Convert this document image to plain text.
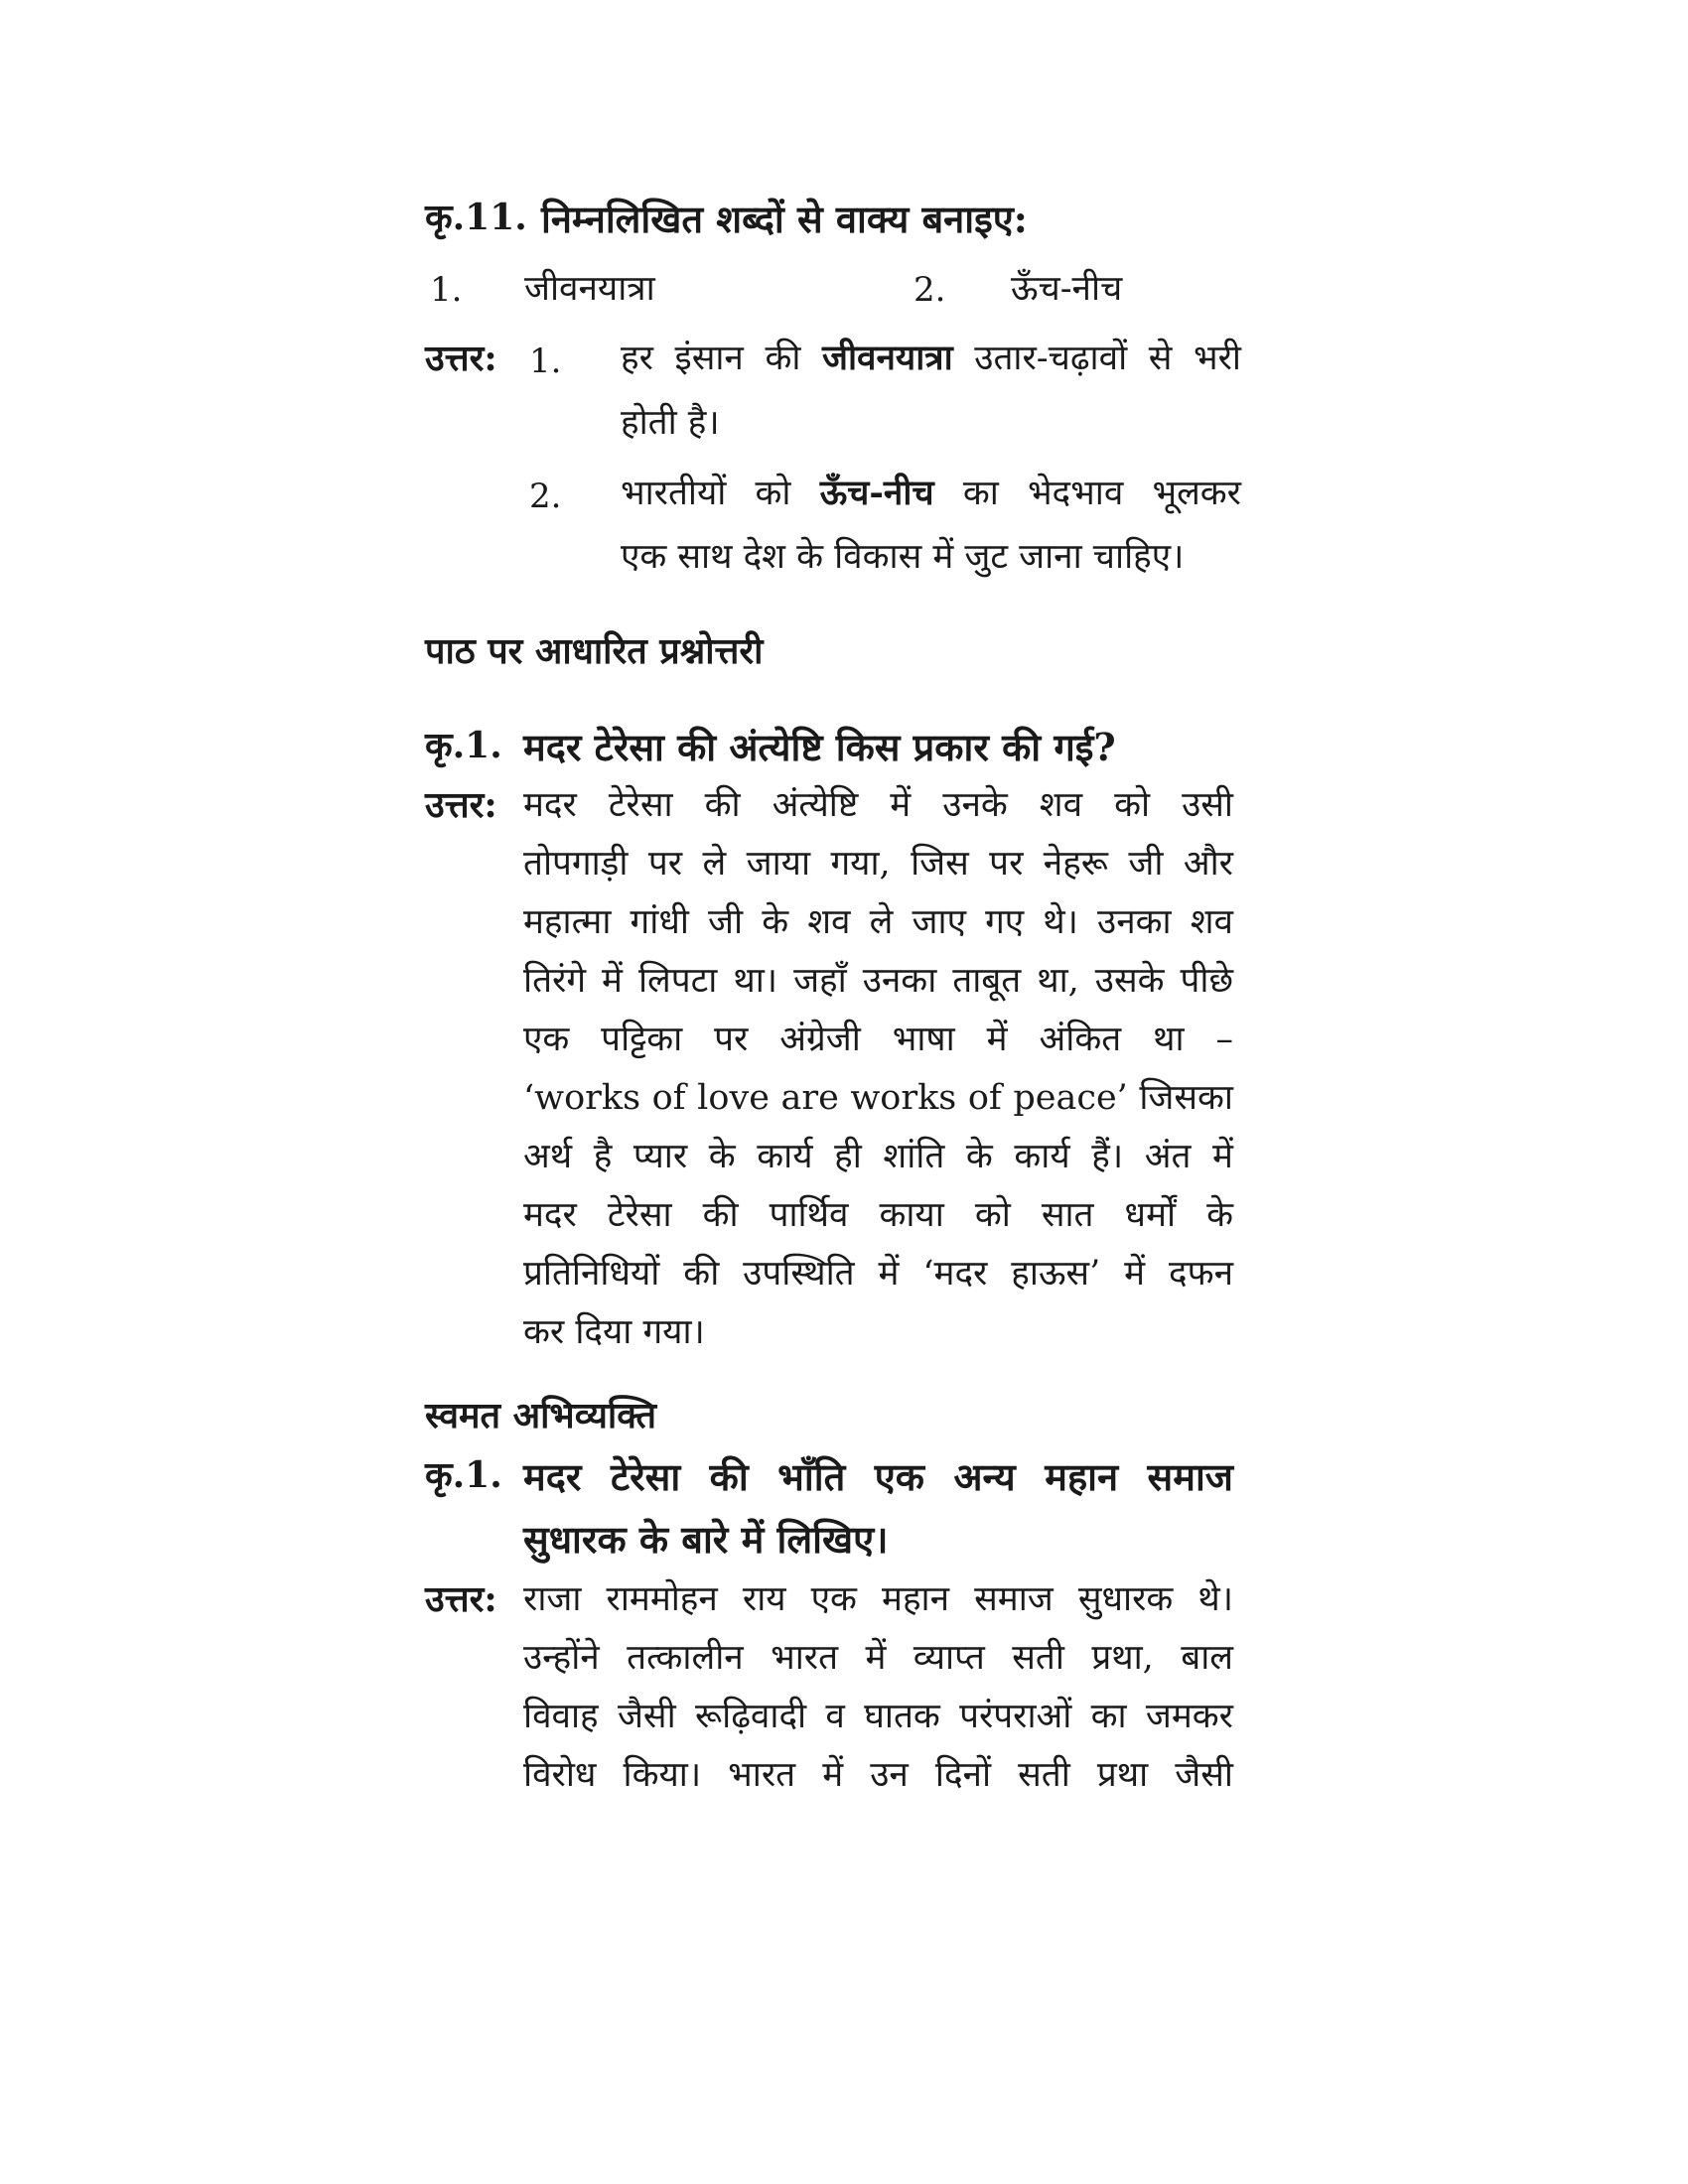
कृ.11. निम्नलिखित शब्दों से वाक्य बनाइए:
1. जीवनयात्रा	2. ऊँच-नीच
उत्तर: 1. हर इंसान की जीवनयात्रा उतार-चढ़ावों से भरी
होती है।
2. भारतीयों को ऊँच-नीच का भेदभाव भूलकर
एक साथ देश के विकास में जुट जाना चाहिए।
पाठ पर आधारित प्रश्नोत्तरी
कृ.1. मदर टेरेसा की अंत्येष्टि किस प्रकार की गई?
उत्तर: मदर टेरेसा की अंत्येष्टि में उनके शव को उसी
तोपगाड़ी पर ले जाया गया, जिस पर नेहरू जी और
महात्मा गांधी जी के शव ले जाए गए थे। उनका शव
तिरंगे में लिपटा था। जहाँ उनका ताबूत था, उसके पीछे
एक पट्टिका पर अंग्रेजी भाषा में अंकित था –
‘works of love are works of peace’ जिसका
अर्थ है प्यार के कार्य ही शांति के कार्य हैं। अंत में
मदर टेरेसा की पार्थिव काया को सात धर्मों के
प्रतिनिधियों की उपस्थिति में ‘मदर हाऊस’ में दफन
कर दिया गया।
स्वमत अभिव्यक्ति
कृ.1. मदर टेरेसा की भाँति एक अन्य महान समाज
सुधारक के बारे में लिखिए।
उत्तर: राजा राममोहन राय एक महान समाज सुधारक थे।
उन्होंने तत्कालीन भारत में व्याप्त सती प्रथा, बाल
विवाह जैसी रूढ़िवादी व घातक परंपराओं का जमकर
विरोध किया। भारत में उन दिनों सती प्रथा जैसी
